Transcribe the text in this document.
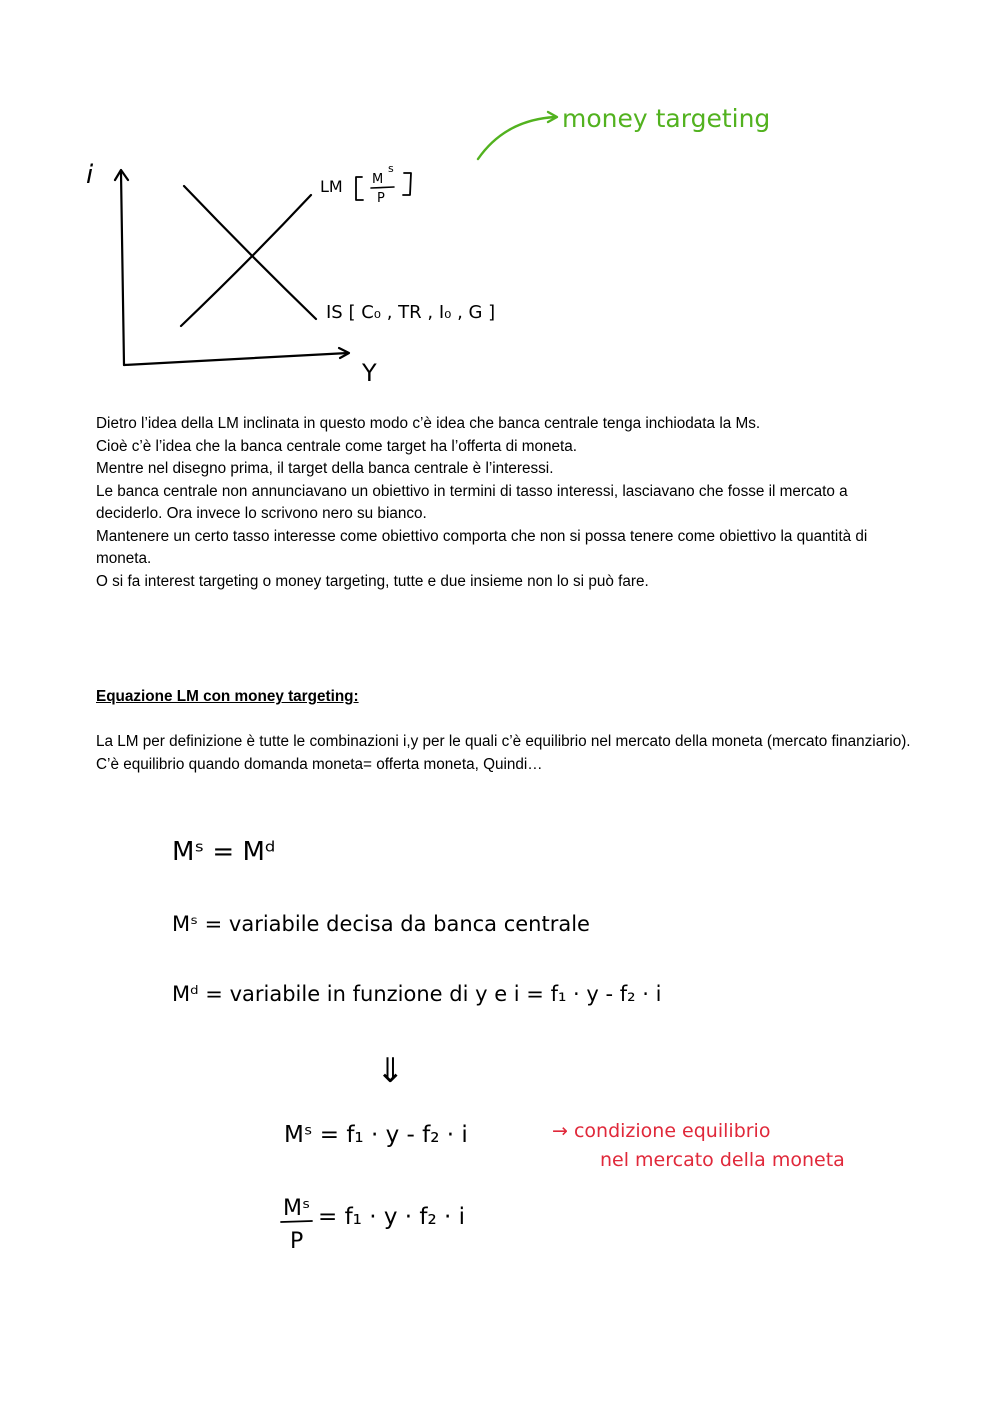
i
Y
LM M
s
P
IS [ C₀ , TR , I₀ , G ]
money targeting

Dietro l’idea della LM inclinata in questo modo c’è idea che banca centrale tenga inchiodata la Ms.

Cioè c’è l’idea che la banca centrale come target ha l’offerta di moneta.

Mentre nel disegno prima, il target della banca centrale è l’interessi.

Le banca centrale non annunciavano un obiettivo in termini di tasso interessi, lasciavano che fosse il mercato a deciderlo. Ora invece lo scrivono nero su bianco.

Mantenere un certo tasso interesse come obiettivo comporta che non si possa tenere come obiettivo la quantità di moneta.

O si fa interest targeting o money targeting, tutte e due insieme non lo si può fare.

Equazione LM con money targeting:

La LM per definizione è tutte le combinazioni i,y per le quali c’è equilibrio nel mercato della moneta (mercato finanziario).

C’è equilibrio quando domanda moneta= offerta moneta, Quindi…

Mˢ = Mᵈ
Mˢ = variabile decisa da banca centrale
Mᵈ = variabile in funzione di y e i = f₁ · y - f₂ · i
⇓
Mˢ = f₁ · y - f₂ · i	→ condizione equilibrio
nel mercato della moneta
Mˢ
P
= f₁ · y · f₂ · i
